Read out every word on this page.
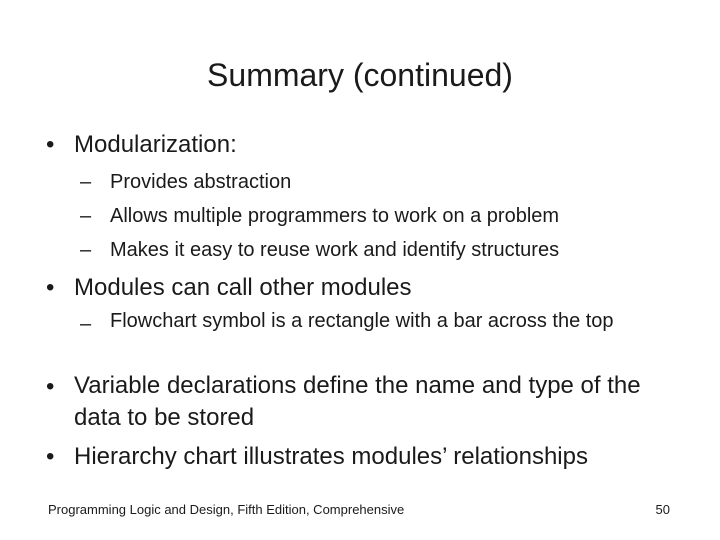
Summary (continued)
• Modularization:
– Provides abstraction
– Allows multiple programmers to work on a problem
– Makes it easy to reuse work and identify structures
• Modules can call other modules
– Flowchart symbol is a rectangle with a bar across the top
• Variable declarations define the name and type of the data to be stored
• Hierarchy chart illustrates modules’ relationships
Programming Logic and Design, Fifth Edition, Comprehensive	50
